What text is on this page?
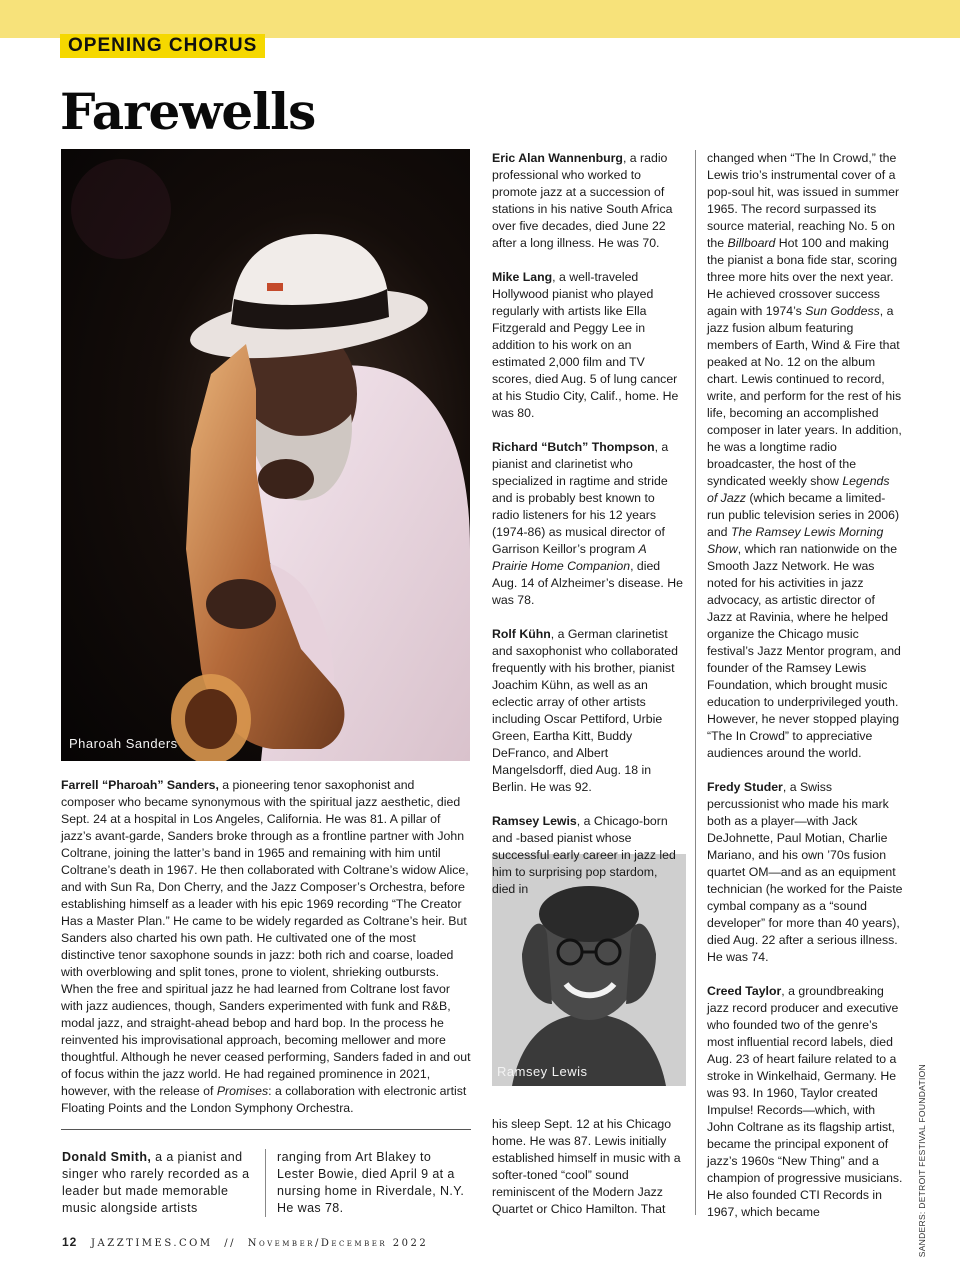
OPENING CHORUS
Farewells
Pharoah Sanders
Ramsey Lewis

Farrell “Pharoah” Sanders, a pioneering tenor saxophonist and composer who became synonymous with the spiritual jazz aesthetic, died Sept. 24 at a hospital in Los Angeles, California. He was 81. A pillar of jazz’s avant-garde, Sanders broke through as a frontline partner with John Coltrane, joining the latter’s band in 1965 and remaining with him until Coltrane’s death in 1967. He then collaborated with Coltrane’s widow Alice, and with Sun Ra, Don Cherry, and the Jazz Composer’s Orchestra, before establishing himself as a leader with his epic 1969 recording “The Creator Has a Master Plan.” He came to be widely regarded as Coltrane’s heir. But Sanders also charted his own path. He cultivated one of the most distinctive tenor saxophone sounds in jazz: both rich and coarse, loaded with overblowing and split tones, prone to violent, shrieking outbursts. When the free and spiritual jazz he had learned from Coltrane lost favor with jazz audiences, though, Sanders experimented with funk and R&B, modal jazz, and straight-ahead bebop and hard bop. In the process he reinvented his improvisational approach, becoming mellower and more thoughtful. Although he never ceased performing, Sanders faded in and out of focus within the jazz world. He had regained prominence in 2021, however, with the release of Promises: a collaboration with electronic artist Floating Points and the London Symphony Orchestra.

Donald Smith, a a pianist and singer who rarely recorded as a leader but made memorable music alongside artists
ranging from Art Blakey to Lester Bowie, died April 9 at a nursing home in Riverdale, N.Y. He was 78.

Eric Alan Wannenburg, a radio professional who worked to promote jazz at a succession of stations in his native South Africa over five decades, died June 22 after a long illness. He was 70.

Mike Lang, a well-traveled Hollywood pianist who played regularly with artists like Ella Fitzgerald and Peggy Lee in addition to his work on an estimated 2,000 film and TV scores, died Aug. 5 of lung cancer at his Studio City, Calif., home. He was 80.

Richard “Butch” Thompson, a pianist and clarinetist who specialized in ragtime and stride and is probably best known to radio listeners for his 12 years (1974-86) as musical director of Garrison Keillor’s program A Prairie Home Companion, died Aug. 14 of Alzheimer’s disease. He was 78.

Rolf Kühn, a German clarinetist and saxophonist who collaborated frequently with his brother, pianist Joachim Kühn, as well as an eclectic array of other artists including Oscar Pettiford, Urbie Green, Eartha Kitt, Buddy DeFranco, and Albert Mangelsdorff, died Aug. 18 in Berlin. He was 92.

Ramsey Lewis, a Chicago-born and -based pianist whose successful early career in jazz led him to surprising pop stardom, died in

his sleep Sept. 12 at his Chicago home. He was 87. Lewis initially established himself in music with a softer-toned “cool” sound reminiscent of the Modern Jazz Quartet or Chico Hamilton. That

changed when “The In Crowd,” the Lewis trio’s instrumental cover of a pop-soul hit, was issued in summer 1965. The record surpassed its source material, reaching No. 5 on the Billboard Hot 100 and making the pianist a bona fide star, scoring three more hits over the next year. He achieved crossover success again with 1974’s Sun Goddess, a jazz fusion album featuring members of Earth, Wind & Fire that peaked at No. 12 on the album chart. Lewis continued to record, write, and perform for the rest of his life, becoming an accomplished composer in later years. In addition, he was a longtime radio broadcaster, the host of the syndicated weekly show Legends of Jazz (which became a limited-run public television series in 2006) and The Ramsey Lewis Morning Show, which ran nationwide on the Smooth Jazz Network. He was noted for his activities in jazz advocacy, as artistic director of Jazz at Ravinia, where he helped organize the Chicago music festival’s Jazz Mentor program, and founder of the Ramsey Lewis Foundation, which brought music education to underprivileged youth. However, he never stopped playing “The In Crowd” to appreciative audiences around the world.

Fredy Studer, a Swiss percussionist who made his mark both as a player—with Jack DeJohnette, Paul Motian, Charlie Mariano, and his own ’70s fusion quartet OM—and as an equipment technician (he worked for the Paiste cymbal company as a “sound developer” for more than 40 years), died Aug. 22 after a serious illness. He was 74.

Creed Taylor, a groundbreaking jazz record producer and executive who founded two of the genre’s most influential record labels, died Aug. 23 of heart failure related to a stroke in Winkelhaid, Germany. He was 93. In 1960, Taylor created Impulse! Records—which, with John Coltrane as its flagship artist, became the principal exponent of jazz’s 1960s “New Thing” and a champion of progressive musicians. He also founded CTI Records in 1967, which became	SANDERS: DETROIT FESTIVAL FOUNDATION
12 JAZZTIMES.COM // November/December 2022
